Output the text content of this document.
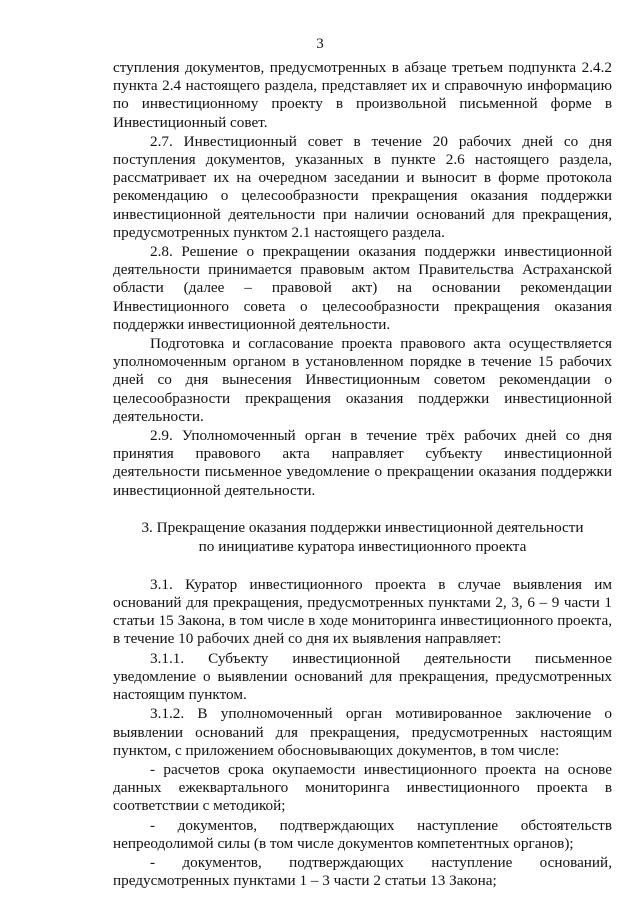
3

ступления документов, предусмотренных в абзаце третьем подпункта 2.4.2 пункта 2.4 настоящего раздела, представляет их и справочную информацию по инвестиционному проекту в произвольной письменной форме в Инвестиционный совет.

2.7. Инвестиционный совет в течение 20 рабочих дней со дня поступления документов, указанных в пункте 2.6 настоящего раздела, рассматривает их на очередном заседании и выносит в форме протокола рекомендацию о целесообразности прекращения оказания поддержки инвестиционной деятельности при наличии оснований для прекращения, предусмотренных пунктом 2.1 настоящего раздела.

2.8. Решение о прекращении оказания поддержки инвестиционной деятельности принимается правовым актом Правительства Астраханской области (далее – правовой акт) на основании рекомендации Инвестиционного совета о целесообразности прекращения оказания поддержки инвестиционной деятельности.

Подготовка и согласование проекта правового акта осуществляется уполномоченным органом в установленном порядке в течение 15 рабочих дней со дня вынесения Инвестиционным советом рекомендации о целесообразности прекращения оказания поддержки инвестиционной деятельности.

2.9. Уполномоченный орган в течение трёх рабочих дней со дня принятия правового акта направляет субъекту инвестиционной деятельности письменное уведомление о прекращении оказания поддержки инвестиционной деятельности.

3. Прекращение оказания поддержки инвестиционной деятельности
по инициативе куратора инвестиционного проекта

3.1. Куратор инвестиционного проекта в случае выявления им оснований для прекращения, предусмотренных пунктами 2, 3, 6 – 9 части 1 статьи 15 Закона, в том числе в ходе мониторинга инвестиционного проекта, в течение 10 рабочих дней со дня их выявления направляет:

3.1.1. Субъекту инвестиционной деятельности письменное уведомление о выявлении оснований для прекращения, предусмотренных настоящим пунктом.

3.1.2. В уполномоченный орган мотивированное заключение о выявлении оснований для прекращения, предусмотренных настоящим пунктом, с приложением обосновывающих документов, в том числе:

- расчетов срока окупаемости инвестиционного проекта на основе данных ежеквартального мониторинга инвестиционного проекта в соответствии с методикой;

- документов, подтверждающих наступление обстоятельств непреодолимой силы (в том числе документов компетентных органов);

- документов, подтверждающих наступление оснований, предусмотренных пунктами 1 – 3 части 2 статьи 13 Закона;
